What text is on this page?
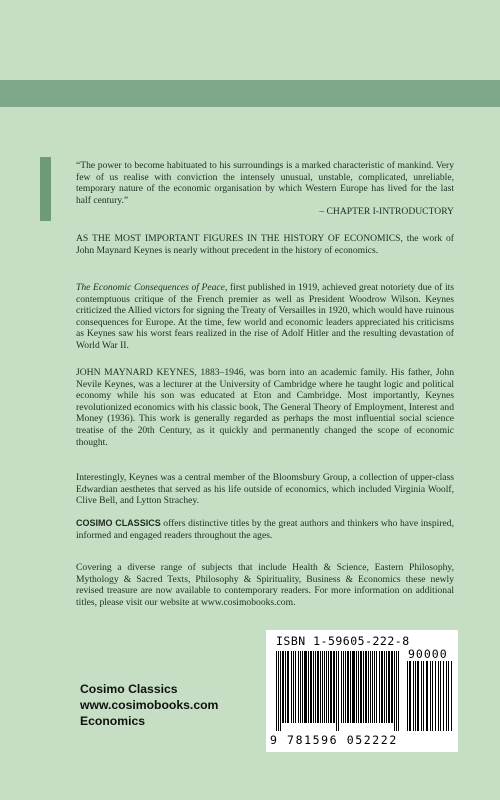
“The power to become habituated to his surroundings is a marked characteristic of mankind. Very few of us realise with conviction the intensely unusual, unstable, complicated, unreliable, temporary nature of the economic organisation by which Western Europe has lived for the last half century.”

– CHAPTER I-INTRODUCTORY

AS THE MOST IMPORTANT FIGURES IN THE HISTORY OF ECONOMICS, the work of John Maynard Keynes is nearly without precedent in the history of economics.

The Economic Consequences of Peace, first published in 1919, achieved great notoriety due of its contemptuous critique of the French premier as well as President Woodrow Wilson. Keynes criticized the Allied victors for signing the Treaty of Versailles in 1920, which would have ruinous consequences for Europe. At the time, few world and economic leaders appreciated his criticisms as Keynes saw his worst fears realized in the rise of Adolf Hitler and the resulting devastation of World War II.

JOHN MAYNARD KEYNES, 1883–1946, was born into an academic family. His father, John Nevile Keynes, was a lecturer at the University of Cambridge where he taught logic and political economy while his son was educated at Eton and Cambridge. Most importantly, Keynes revolutionized economics with his classic book, The General Theory of Employment, Interest and Money (1936). This work is generally regarded as perhaps the most influential social science treatise of the 20th Century, as it quickly and permanently changed the scope of economic thought.

Interestingly, Keynes was a central member of the Bloomsbury Group, a collection of upper-class Edwardian aesthetes that served as his life outside of economics, which included Virginia Woolf, Clive Bell, and Lytton Strachey.

COSIMO CLASSICS offers distinctive titles by the great authors and thinkers who have inspired, informed and engaged readers throughout the ages.

Covering a diverse range of subjects that include Health & Science, Eastern Philosophy, Mythology & Sacred Texts, Philosophy & Spirituality, Business & Economics these newly revised treasure are now available to contemporary readers. For more information on additional titles, please visit our website at www.cosimobooks.com.

Cosimo Classics
www.cosimobooks.com
Economics
ISBN 1-59605-222-8
90000
9 781596 052222
